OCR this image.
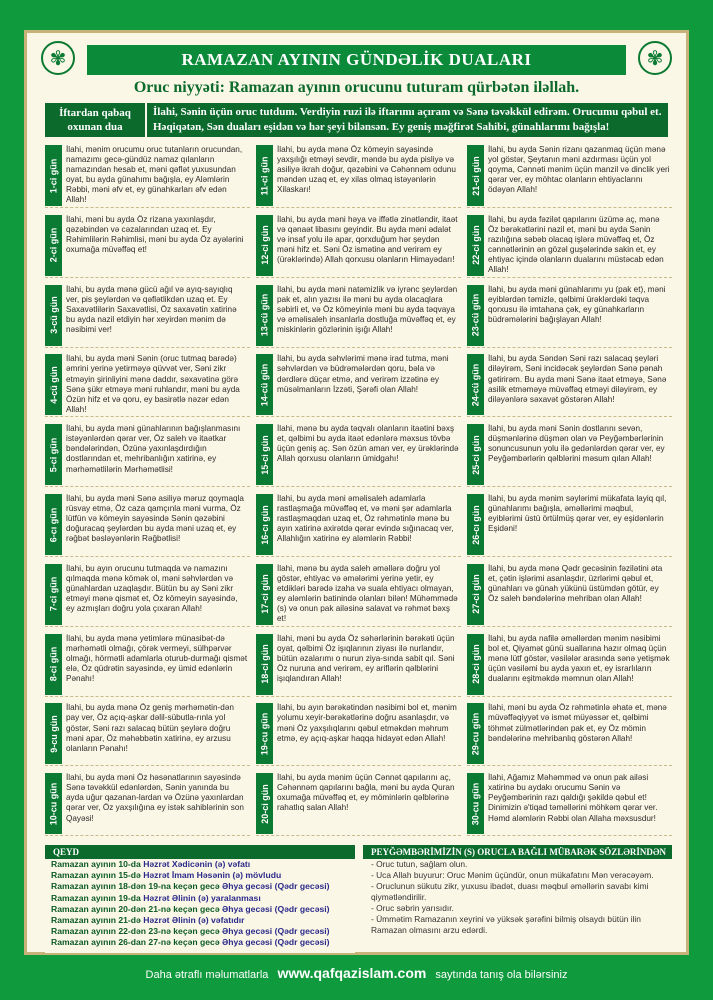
✾	✾
RAMAZAN AYININ GÜNDƏLİK DUALARI
Oruc niyyəti: Ramazan ayının orucunu tuturam qürbətən iləllah.
İftardan qabaq oxunan dua
İlahi, Sənin üçün oruc tutdum. Verdiyin ruzi ilə iftarımı açıram və Sənə təvəkkül edirəm. Orucumu qəbul et. Həqiqətən, Sən duaları eşidən və hər şeyi bilənsən. Ey geniş məğfirət Sahibi, günahlarımı bağışla!
1-ci gün
İlahi, mənim orucumu oruc tutanların orucundan, namazımı gecə-gündüz namaz qılanların namazından hesab et, məni qəflət yuxusundan oyat, bu ayda günahımı bağışla, ey Aləmlərin Rəbbi, məni əfv et, ey günahkarları əfv edən Allah!
2-ci gün
İlahi, məni bu ayda Öz rizana yaxınlaşdır, qəzəbindən və cəzalarından uzaq et. Ey Rəhimlilərin Rəhimlisi, məni bu ayda Öz ayələrini oxumağa müvəffəq et!
3-cü gün
İlahi, bu ayda mənə gücü ağıl və ayıq-sayıqlıq ver, pis şeylərdən və qəflətlikdən uzaq et. Ey Saxavətlilərin Saxavətlisi, Öz saxavətin xatirinə bu ayda nazil etdiyin hər xeyirdən mənim də nəsibimi ver!
4-cü gün
İlahi, bu ayda məni Sənin (oruc tutmaq barədə) əmrini yerinə yetirməyə qüvvət ver, Səni zikr etməyin şirinliyini mənə daddır, səxavətinə görə Sənə şükr etməyə məni ruhlandır, məni bu ayda Özün hifz et və qoru, ey basirətlə nəzər edən Allah!
5-ci gün
İlahi, bu ayda məni günahlarının bağışlanmasını istəyənlərdən qərar ver, Öz saleh və itaətkar bəndələrindən, Özünə yaxınlaşdırdığın dostlarından et, mehribanlığın xatirinə, ey mərhəmətlilərin Mərhəmətlisi!
6-cı gün
İlahi, bu ayda məni Sənə asiliyə məruz qoymaqla rüsvay etmə, Öz caza qamçınla məni vurma, Öz lütfün və kömeyin sayəsində Sənin qəzəbini doğuracaq şeylərdən bu ayda məni uzaq et, ey rəğbət bəsləyənlərin Rəğbətlisi!
7-ci gün
İlahi, bu ayın orucunu tutmaqda və namazını qılmaqda mənə kömək ol, məni səhvlərdən və günahlardan uzaqlaşdır. Bütün bu ay Səni zikr etməyi mənə qismət et, Öz kömeyin sayəsində, ey azmışları doğru yola çıxaran Allah!
8-ci gün
İlahi, bu ayda mənə yetimlərə münasibət-də mərhəmətli olmağı, çörək vermeyi, sülhpərvər olmağı, hörmətli adamlarla oturub-durmağı qismət elə, Öz qüdrətin sayəsində, ey ümid edənlərin Pənahı!
9-cu gün
İlahi, bu ayda mənə Öz geniş mərhəmətin-dən pay ver, Öz açıq-aşkar dəlil-sübutla-rınla yol göstər, Səni razı salacaq bütün şeylərə doğru məni apar, Öz məhəbbətin xatirinə, ey arzusu olanların Pənahı!
10-cu gün
İlahi, bu ayda məni Öz həsənatlarının sayəsində Sənə təvəkkül edənlərdən, Sənin yanında bu ayda uğur qazanan-lardan və Özünə yaxınlardan qərar ver, Öz yaxşılığına ey istək sahiblərinin son Qayəsi!
11-ci gün
İlahi, bu ayda mənə Öz kömeyin sayəsində yaxşılığı etməyi sevdir, məndə bu ayda pisliyə və asiliyə ikrah doğur, qəzəbini və Cəhənnəm odunu məndən uzaq et, ey xilas olmaq istəyənlərin Xilaskarı!
12-ci gün
İlahi, bu ayda məni həya və iffətlə zinətləndir, itaət və qənaət libasını geyindir. Bu ayda məni ədalət və insaf yolu ilə apar, qorxduğum hər şeydən məni hifz et. Səni Öz ismətinə and verirəm ey (ürəklərində) Allah qorxusu olanların Himayədarı!
13-cü gün
İlahi, bu ayda məni natəmizlik və iyrənc şeylərdən pak et, alın yazısı ilə məni bu ayda olacaqlara səbirli et, və Öz kömeyinlə məni bu ayda təqvaya və əməlisaleh insanlarla dostluğa müvəffəq et, ey miskinlərin gözlərinin işığı Allah!
14-cü gün
İlahi, bu ayda səhvlərimi mənə irad tutma, məni səhvlərdən və büdrəmələrdən qoru, bəla və dərdlərə düçar etmə, and verirəm izzətinə ey müsəlmanların İzzəti, Şərəfi olan Allah!
15-ci gün
İlahi, mənə bu ayda təqvalı olanların itaətini bəxş et, qəlbimi bu ayda itaət edənlərə məxsus tövbə üçün geniş aç. Sən özün aman ver, ey ürəklərində Allah qorxusu olanların ümidgahı!
16-cı gün
İlahi, bu ayda məni əməlisaleh adamlarla rastlaşmağa müvəffəq et, və məni şər adamlarla rastlaşmaqdan uzaq et, Öz rəhmətinlə mənə bu ayın xatirinə axirətdə qərar evində sığınacaq ver, Allahlığın xatirinə ey aləmlərin Rəbbi!
17-ci gün
İlahi, mənə bu ayda saleh əməllərə doğru yol göstər, ehtiyac və əmələrimi yerinə yetir, ey etdikləri barədə izaha və suala ehtiyacı olmayan, ey aləmlərin batinində olanları bilən! Mühəmmədə (s) və onun pak ailəsinə salavat və rəhmət bəxş et!
18-ci gün
İlahi, məni bu ayda Öz səhərlərinin bərəkəti üçün oyat, qəlbimi Öz işıqlarının ziyası ilə nurlandır, bütün əzalarımı o nurun ziya-sında sabit qıl. Səni Öz nuruna and verirəm, ey ariflərin qəlblərini işıqlandıran Allah!
19-cu gün
İlahi, bu ayın bərəkətindən nəsibimi bol et, mənim yolumu xeyir-bərəkətlərinə doğru asanlaşdır, və məni Öz yaxşılıqlarını qəbul etməkdən məhrum etmə, ey açıq-aşkar haqqa hidayət edən Allah!
20-ci gün
İlahi, bu ayda mənim üçün Cənnət qapılarını aç, Cəhənnəm qapılarını bağla, məni bu ayda Quran oxumağa müvəffəq et, ey möminlərin qəlblərinə rahatlıq salan Allah!
21-ci gün
İlahi, bu ayda Sənin rizanı qazanmaq üçün mənə yol göstər, Şeytanın məni azdırması üçün yol qoyma, Cənnəti mənim üçün manzil və dinclik yeri qərar ver, ey möhtac olanların ehtiyaclarını ödəyən Allah!
22-ci gün
İlahi, bu ayda fəzilət qapılarını üzümə aç, mənə Öz bərəkətlərini nazil et, məni bu ayda Sənin razılığına səbəb olacaq işlərə müvəffəq et, Öz cənnətlərinin ən gözəl guşələrində sakin et, ey ehtiyac içində olanların dualarını müstəcab edən Allah!
23-cü gün
İlahi, bu ayda məni günahlarımı yu (pak et), məni eyiblərdən təmizlə, qəlbimi ürəklərdəki təqva qorxusu ilə imtahana çək, ey günahkarların büdrəmələrini bağışlayan Allah!
24-cü gün
İlahi, bu ayda Səndən Səni razı salacaq şeyləri diləyirəm, Səni incidəcək şeylərdən Sənə pənah gətirirəm. Bu ayda məni Sənə itaət etməyə, Sənə asilik etməməyə müvəffəq etməyi diləyirəm, ey diləyənlərə səxavət göstərən Allah!
25-ci gün
İlahi, bu ayda məni Sənin dostlarını sevən, düşmənlərinə düşmən olan və Peyğəmbərlərinin sonuncusunun yolu ilə gedənlərdən qərar ver, ey Peyğəmbərlərin qəlblərini məsum qılan Allah!
26-cı gün
İlahi, bu ayda mənim səylərimi mükafata layiq qıl, günahlarımı bağışla, əməllərimi məqbul, eyiblərimi üstü örtülmüş qərar ver, ey eşidənlərin Eşidəni!
27-ci gün
İlahi, bu ayda mənə Qədr gecəsinin fəzilətini əta et, çətin işlərimi asanlaşdır, üzrlərimi qəbul et, günahları və günah yükünü üstümdən götür, ey Öz saleh bəndələrinə mehriban olan Allah!
28-ci gün
İlahi, bu ayda nafilə əməllərdən mənim nəsibimi bol et, Qiyamət günü suallarına hazır olmaq üçün mənə lütf göstər, vəsilələr arasında sənə yetişmək üçün vəsiləmi bu ayda yaxın et, ey israrlıların dualarını eşitməkdə məmnun olan Allah!
29-cu gün
İlahi, məni bu ayda Öz rəhmətinlə əhatə et, mənə müvəffəqiyyət və ismət müyəssər et, qəlbimi töhmət zülmətlərindən pak et, ey Öz mömin bəndələrinə mehribanlıq göstərən Allah!
30-cu gün
İlahi, Ağamız Məhəmməd və onun pak ailəsi xatirinə bu aydakı orucumu Sənin və Peyğəmbərinin razı qaldığı şəkildə qəbul et! Dinimizin ə'tiqad təməllərini möhkəm qərar ver. Həmd aləmlərin Rəbbi olan Allaha məxsusdur!
QEYD
Ramazan ayının 10-da Həzrət Xədicənin (ə) vəfatı
Ramazan ayının 15-də Həzrət İmam Həsənin (ə) mövludu
Ramazan ayının 18-dən 19-na keçən gecə Əhya gecəsi (Qədr gecəsi)
Ramazan ayının 19-da Həzrət Əlinin (ə) yaralanması
Ramazan ayının 20-dən 21-nə keçən gecə Əhya gecəsi (Qədr gecəsi)
Ramazan ayının 21-də Həzrət Əlinin (ə) vəfatıdır
Ramazan ayının 22-dən 23-nə keçən gecə Əhya gecəsi (Qədr gecəsi)
Ramazan ayının 26-dan 27-nə keçən gecə Əhya gecəsi (Qədr gecəsi)
PEYĞƏMBƏRİMİZİN (S) ORUCLA BAĞLI MÜBARƏK SÖZLƏRİNDƏN
- Oruc tutun, sağlam olun.
- Uca Allah buyurur: Oruc Mənim üçündür, onun mükafatını Mən verəcəyəm.
- Oruclunun sükutu zikr, yuxusu ibadət, duası məqbul əməllərin savabı kimi qiymətləndirilir.
- Oruc səbrin yarısıdır.
- Ümmətim Ramazanın xeyrini və yüksək şərəfini bilmiş olsaydı bütün ilin Ramazan olmasını arzu edərdi.
Daha ətraflı məlumatlarla www.qafqazislam.com saytında tanış ola bilərsiniz
